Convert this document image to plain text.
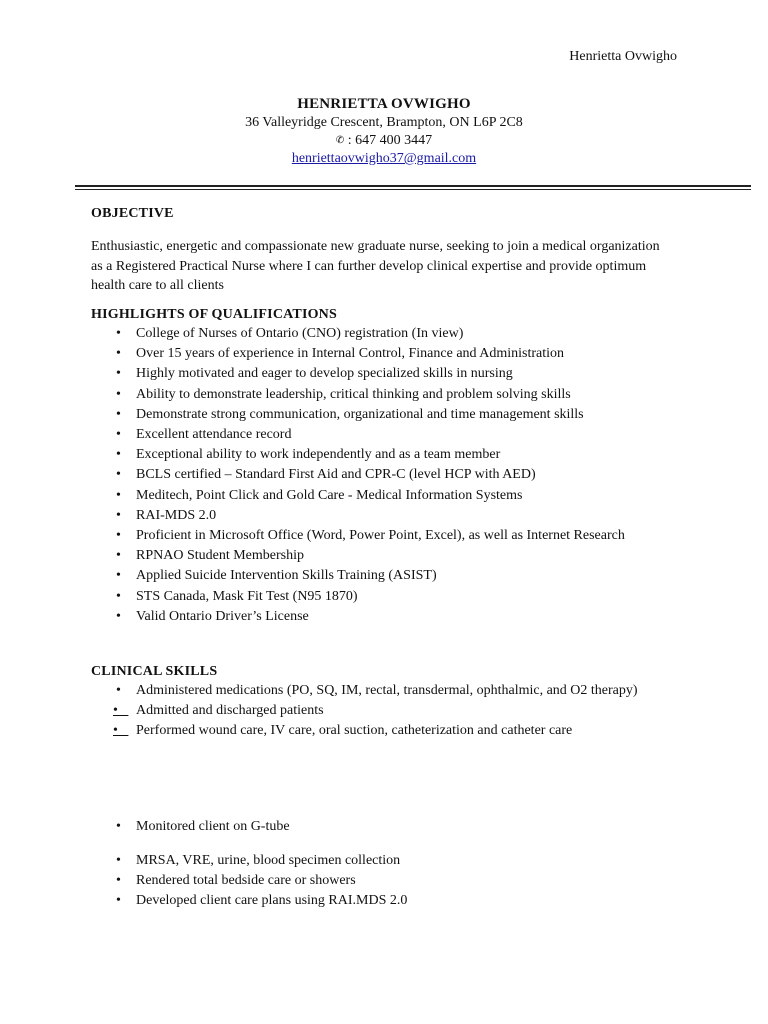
Henrietta Ovwigho
HENRIETTA OVWIGHO
36 Valleyridge Crescent, Brampton, ON L6P 2C8
✆ : 647 400 3447
henriettaovwigho37@gmail.com
OBJECTIVE
Enthusiastic, energetic and compassionate new graduate nurse, seeking to join a medical organization as a Registered Practical Nurse where I can further develop clinical expertise and provide optimum health care to all clients
HIGHLIGHTS OF QUALIFICATIONS
• College of Nurses of Ontario (CNO) registration (In view)
• Over 15 years of experience in Internal Control, Finance and Administration
• Highly motivated and eager to develop specialized skills in nursing
• Ability to demonstrate leadership, critical thinking and problem solving skills
• Demonstrate strong communication, organizational and time management skills
• Excellent attendance record
• Exceptional ability to work independently and as a team member
• BCLS certified – Standard First Aid and CPR-C (level HCP with AED)
• Meditech, Point Click and Gold Care - Medical Information Systems
• RAI-MDS 2.0
• Proficient in Microsoft Office (Word, Power Point, Excel), as well as Internet Research
• RPNAO Student Membership
• Applied Suicide Intervention Skills Training (ASIST)
• STS Canada, Mask Fit Test (N95 1870)
• Valid Ontario Driver’s License
CLINICAL SKILLS
• Administered medications (PO, SQ, IM, rectal, transdermal, ophthalmic, and O2 therapy)
•   Admitted and discharged patients
•   Performed wound care, IV care, oral suction, catheterization and catheter care
• Monitored client on G-tube
• MRSA, VRE, urine, blood specimen collection
• Rendered total bedside care or showers
• Developed client care plans using RAI.MDS 2.0
